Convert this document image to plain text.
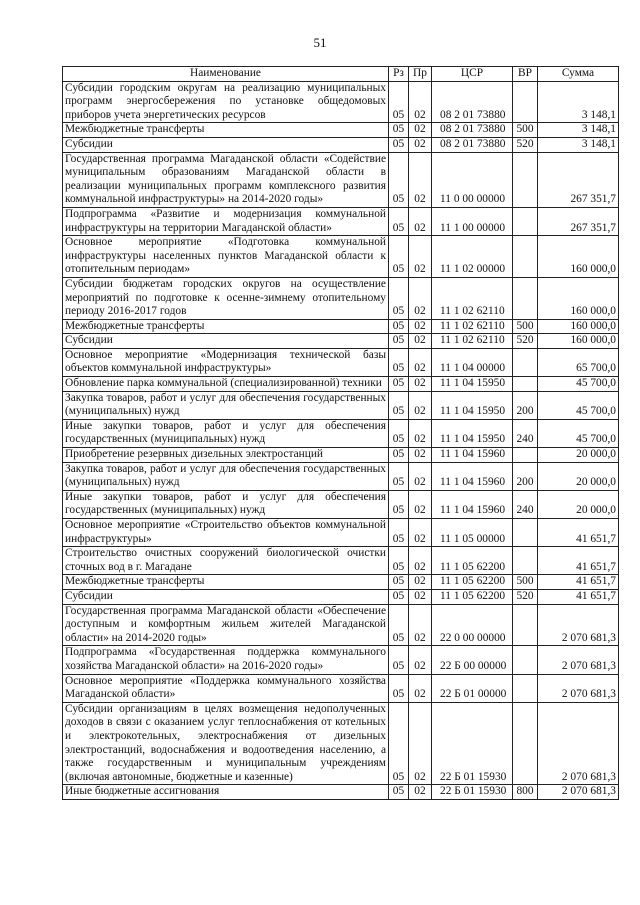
51
Наименование	Рз	Пр	ЦСР	ВР	Сумма
Субсидии городским округам на реализацию муниципальных программ энергосбережения по установке общедомовых приборов учета энергетических ресурсов	05	02	08 2 01 73880		3 148,1
Межбюджетные трансферты	05	02	08 2 01 73880	500	3 148,1
Субсидии	05	02	08 2 01 73880	520	3 148,1
Государственная программа Магаданской области «Содействие муниципальным образованиям Магаданской области в реализации муниципальных программ комплексного развития коммунальной инфраструктуры» на 2014-2020 годы»	05	02	11 0 00 00000		267 351,7
Подпрограмма «Развитие и модернизация коммунальной инфраструктуры на территории Магаданской области»	05	02	11 1 00 00000		267 351,7
Основное мероприятие «Подготовка коммунальной инфраструктуры населенных пунктов Магаданской области к отопительным периодам»	05	02	11 1 02 00000		160 000,0
Субсидии бюджетам городских округов на осуществление мероприятий по подготовке к осенне-зимнему отопительному периоду 2016-2017 годов	05	02	11 1 02 62110		160 000,0
Межбюджетные трансферты	05	02	11 1 02 62110	500	160 000,0
Субсидии	05	02	11 1 02 62110	520	160 000,0
Основное мероприятие «Модернизация технической базы объектов коммунальной инфраструктуры»	05	02	11 1 04 00000		65 700,0
Обновление парка коммунальной (специализированной) техники	05	02	11 1 04 15950		45 700,0
Закупка товаров, работ и услуг для обеспечения государственных (муниципальных) нужд	05	02	11 1 04 15950	200	45 700,0
Иные закупки товаров, работ и услуг для обеспечения государственных (муниципальных) нужд	05	02	11 1 04 15950	240	45 700,0
Приобретение резервных дизельных электростанций	05	02	11 1 04 15960		20 000,0
Закупка товаров, работ и услуг для обеспечения государственных (муниципальных) нужд	05	02	11 1 04 15960	200	20 000,0
Иные закупки товаров, работ и услуг для обеспечения государственных (муниципальных) нужд	05	02	11 1 04 15960	240	20 000,0
Основное мероприятие «Строительство объектов коммунальной инфраструктуры»	05	02	11 1 05 00000		41 651,7
Строительство очистных сооружений биологической очистки сточных вод в г. Магадане	05	02	11 1 05 62200		41 651,7
Межбюджетные трансферты	05	02	11 1 05 62200	500	41 651,7
Субсидии	05	02	11 1 05 62200	520	41 651,7
Государственная программа Магаданской области «Обеспечение доступным и комфортным жильем жителей Магаданской области» на 2014-2020 годы»	05	02	22 0 00 00000		2 070 681,3
Подпрограмма «Государственная поддержка коммунального хозяйства Магаданской области» на 2016-2020 годы»	05	02	22 Б 00 00000		2 070 681,3
Основное мероприятие «Поддержка коммунального хозяйства Магаданской области»	05	02	22 Б 01 00000		2 070 681,3
Субсидии организациям в целях возмещения недополученных доходов в связи с оказанием услуг теплоснабжения от котельных и электрокотельных, электроснабжения от дизельных электростанций, водоснабжения и водоотведения населению, а также государственным и муниципальным учреждениям (включая автономные, бюджетные и казенные)	05	02	22 Б 01 15930		2 070 681,3
Иные бюджетные ассигнования	05	02	22 Б 01 15930	800	2 070 681,3
